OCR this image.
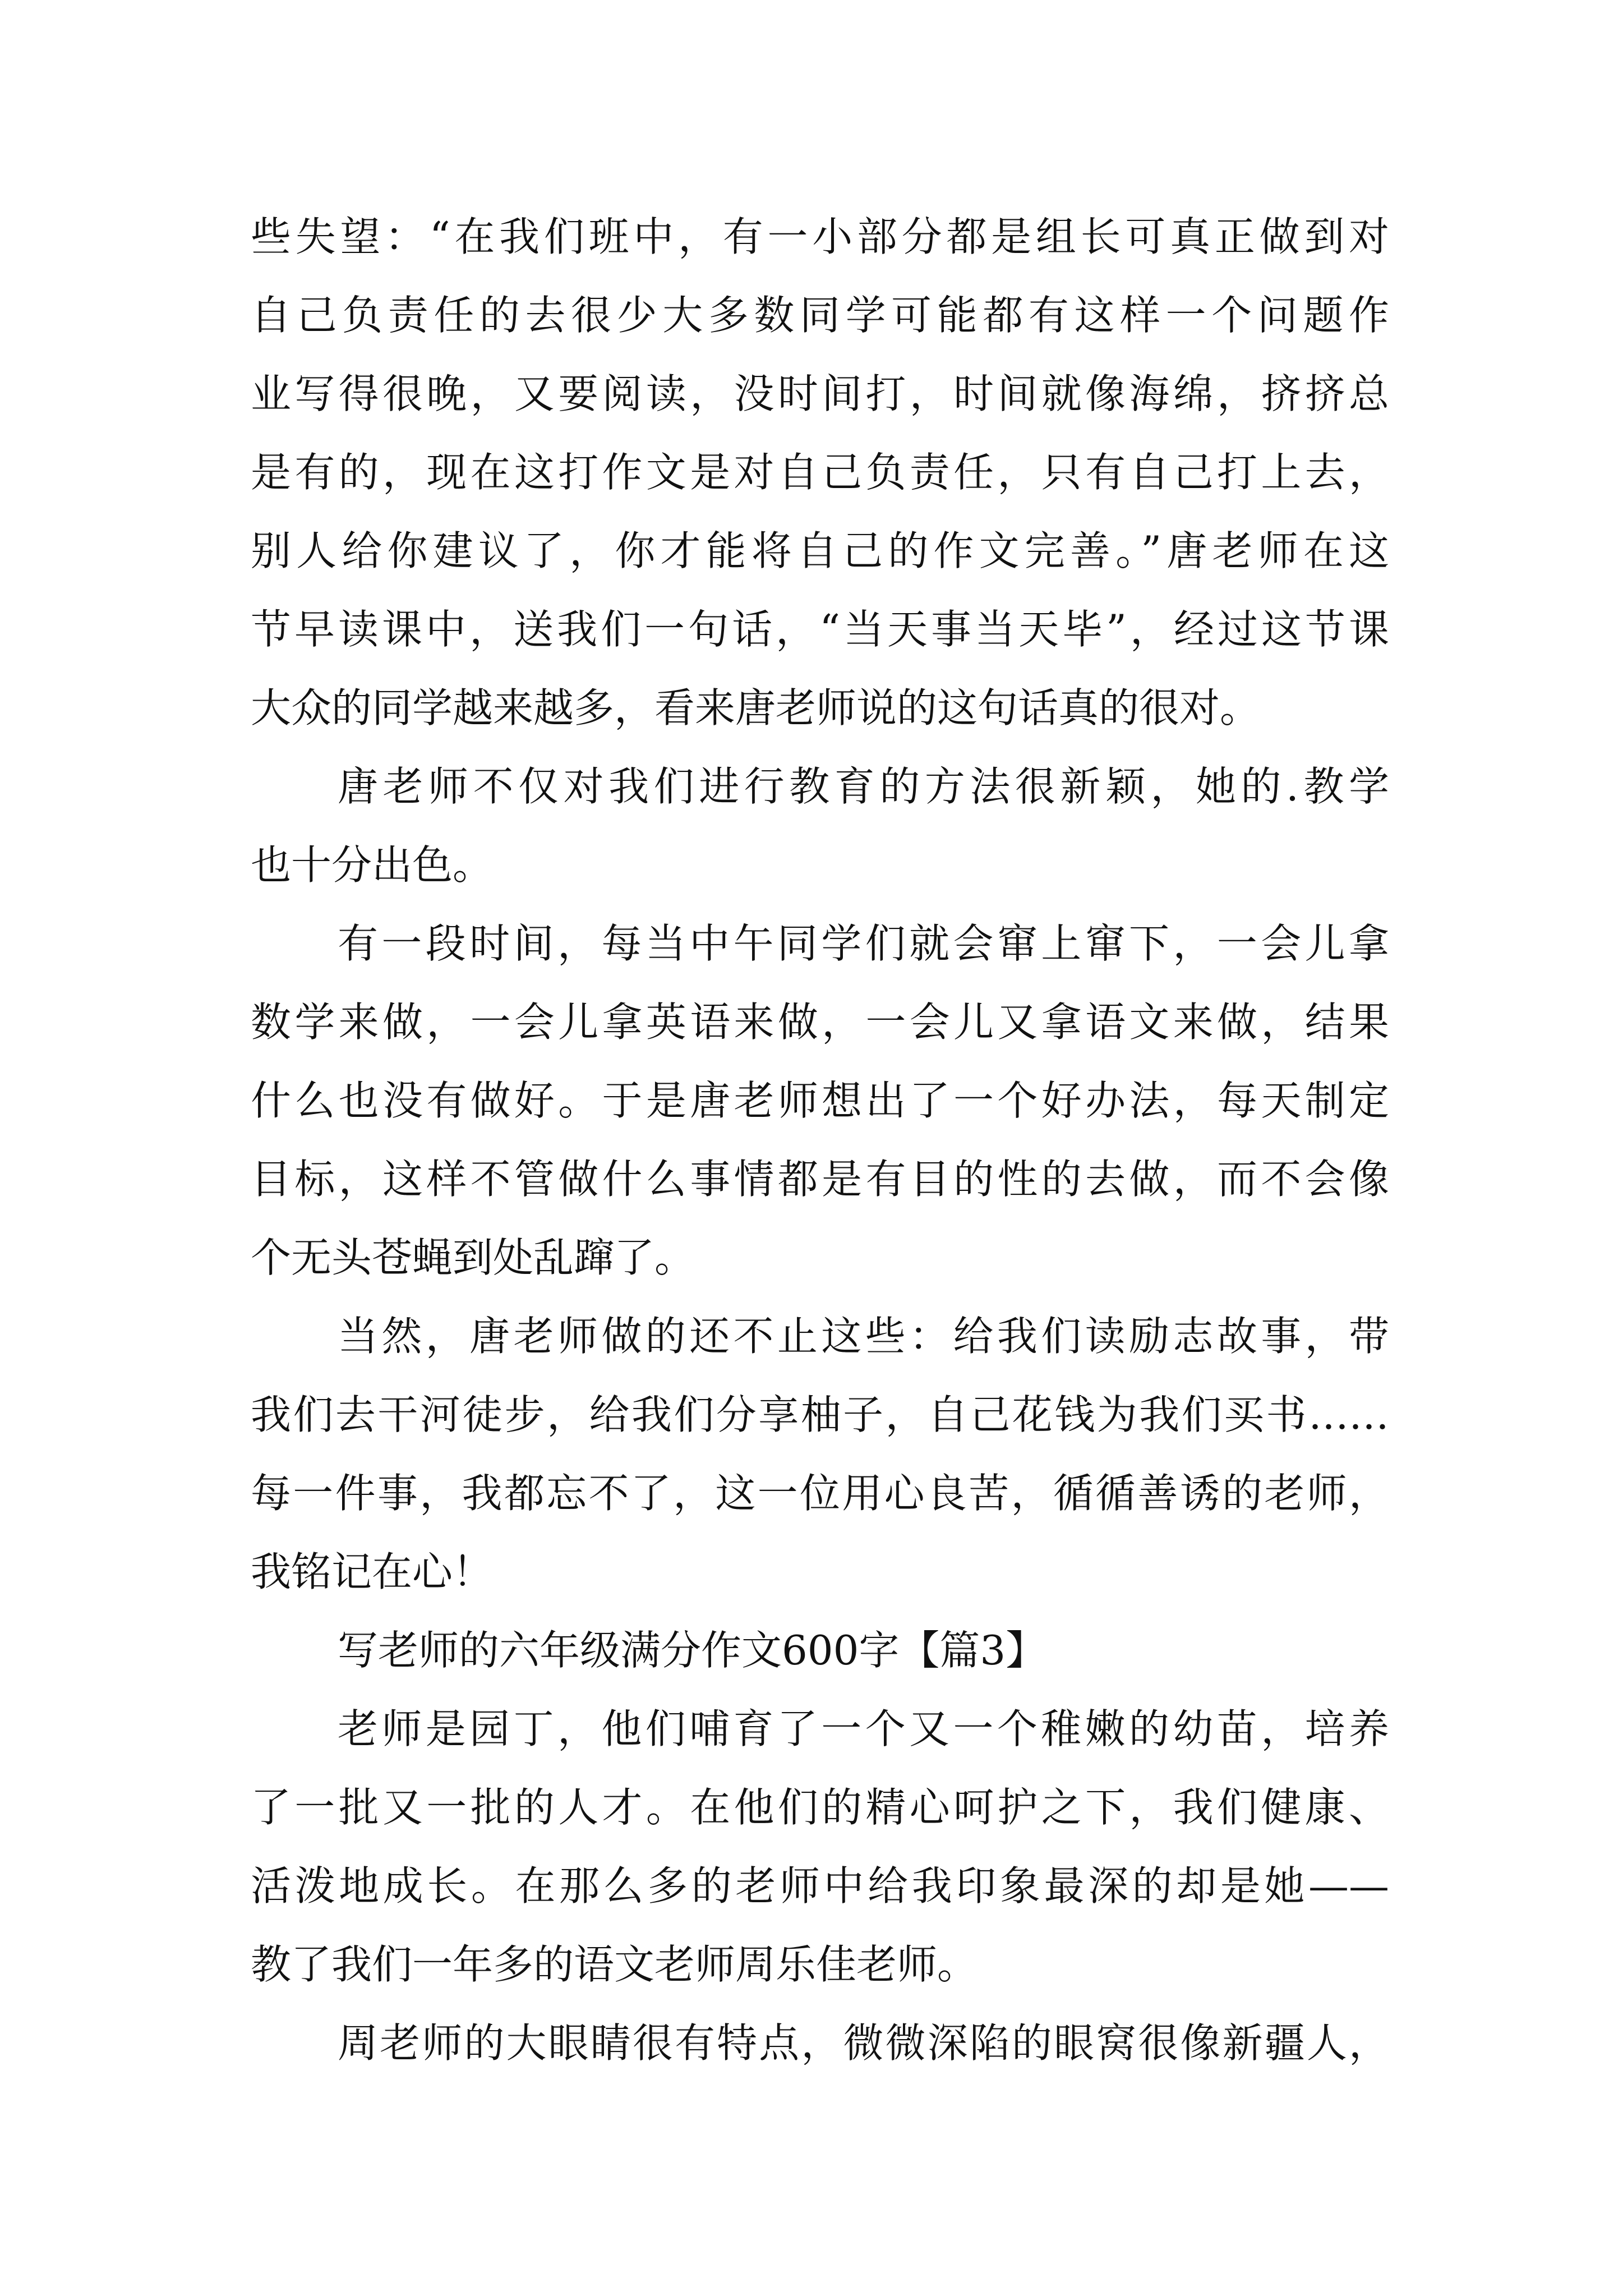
些失望：“在我们班中，有一小部分都是组长可真正做到对
自己负责任的去很少大多数同学可能都有这样一个问题作
业写得很晚，又要阅读，没时间打，时间就像海绵，挤挤总
是有的，现在这打作文是对自己负责任，只有自己打上去，
别人给你建议了，你才能将自己的作文完善。”唐老师在这
节早读课中，送我们一句话，“当天事当天毕”，经过这节课
大众的同学越来越多，看来唐老师说的这句话真的很对。
唐老师不仅对我们进行教育的方法很新颖，她的.教学
也十分出色。
有一段时间，每当中午同学们就会窜上窜下，一会儿拿
数学来做，一会儿拿英语来做，一会儿又拿语文来做，结果
什么也没有做好。于是唐老师想出了一个好办法，每天制定
目标，这样不管做什么事情都是有目的性的去做，而不会像
个无头苍蝇到处乱蹿了。
当然，唐老师做的还不止这些：给我们读励志故事，带
我们去干河徒步，给我们分享柚子，自己花钱为我们买书……
每一件事，我都忘不了，这一位用心良苦，循循善诱的老师，
我铭记在心！
写老师的六年级满分作文600字【篇3】
老师是园丁，他们哺育了一个又一个稚嫩的幼苗，培养
了一批又一批的人才。在他们的精心呵护之下，我们健康、
活泼地成长。在那么多的老师中给我印象最深的却是她——
教了我们一年多的语文老师周乐佳老师。
周老师的大眼睛很有特点，微微深陷的眼窝很像新疆人，
